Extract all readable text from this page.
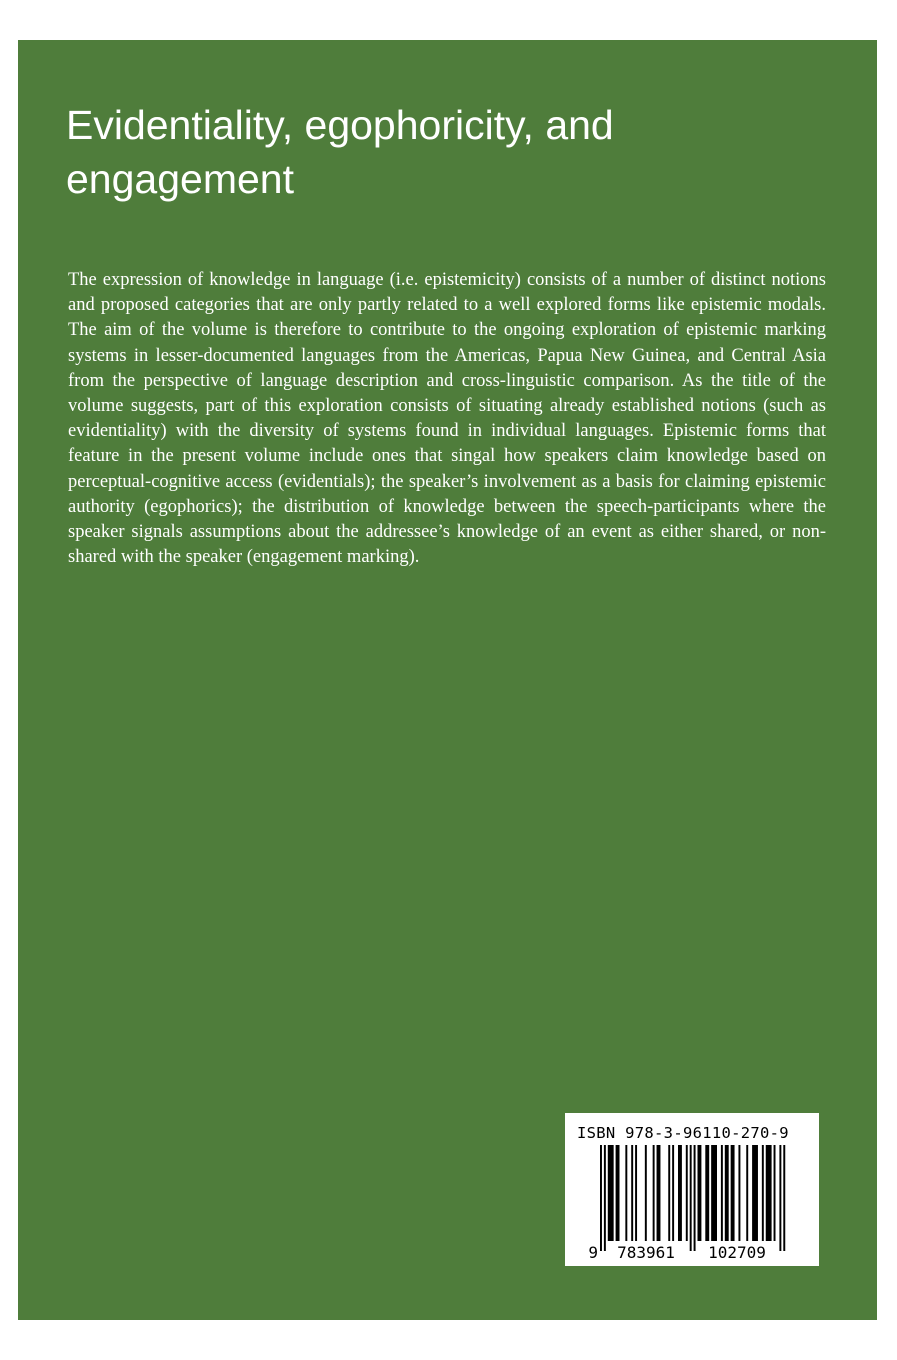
Evidentiality, egophoricity, and engagement

The expression of knowledge in language (i.e. epistemicity) consists of a number of distinct notions and proposed categories that are only partly related to a well explored forms like epistemic modals. The aim of the volume is therefore to contribute to the ongoing exploration of epistemic marking systems in lesser-documented languages from the Americas, Papua New Guinea, and Central Asia from the perspective of language description and cross-linguistic comparison. As the title of the volume suggests, part of this exploration consists of situating already established notions (such as evidentiality) with the diversity of systems found in individual languages. Epistemic forms that feature in the present volume include ones that singal how speakers claim knowledge based on perceptual-cognitive access (evidentials); the speaker’s involvement as a basis for claiming epistemic authority (egophorics); the distribution of knowledge between the speech-participants where the speaker signals assumptions about the addressee’s knowledge of an event as either shared, or non-shared with the speaker (engagement marking).

ISBN 978-3-96110-270-9

9 783961 102709
